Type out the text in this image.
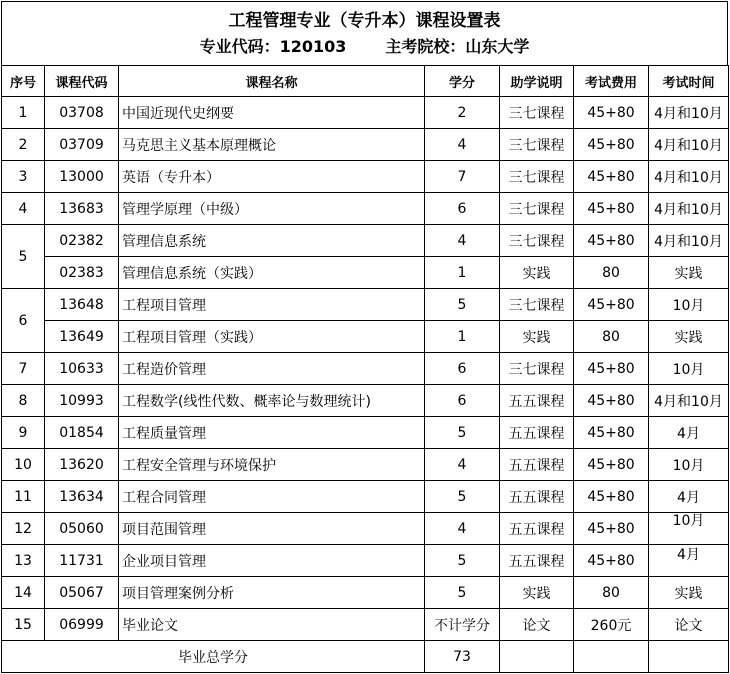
工程管理专业（专升本）课程设置表
专业代码：120103 主考院校：山东大学
序号	课程代码	课程名称	学分	助学说明	考试费用	考试时间
1	03708	中国近现代史纲要	2	三七课程	45+80	4月和10月
2	03709	马克思主义基本原理概论	4	三七课程	45+80	4月和10月
3	13000	英语（专升本）	7	三七课程	45+80	4月和10月
4	13683	管理学原理（中级）	6	三七课程	45+80	4月和10月
5	02382	管理信息系统	4	三七课程	45+80	4月和10月
	02383	管理信息系统（实践）	1	实践	80	实践
6	13648	工程项目管理	5	三七课程	45+80	10月
	13649	工程项目管理（实践）	1	实践	80	实践
7	10633	工程造价管理	6	三七课程	45+80	10月
8	10993	工程数学(线性代数、概率论与数理统计)	6	五五课程	45+80	4月和10月
9	01854	工程质量管理	5	五五课程	45+80	4月
10	13620	工程安全管理与环境保护	4	五五课程	45+80	10月
11	13634	工程合同管理	5	五五课程	45+80	4月
12	05060	项目范围管理	4	五五课程	45+80	10月
13	11731	企业项目管理	5	五五课程	45+80	4月
14	05067	项目管理案例分析	5	实践	80	实践
15	06999	毕业论文	不计学分	论文	260元	论文
毕业总学分			73			
